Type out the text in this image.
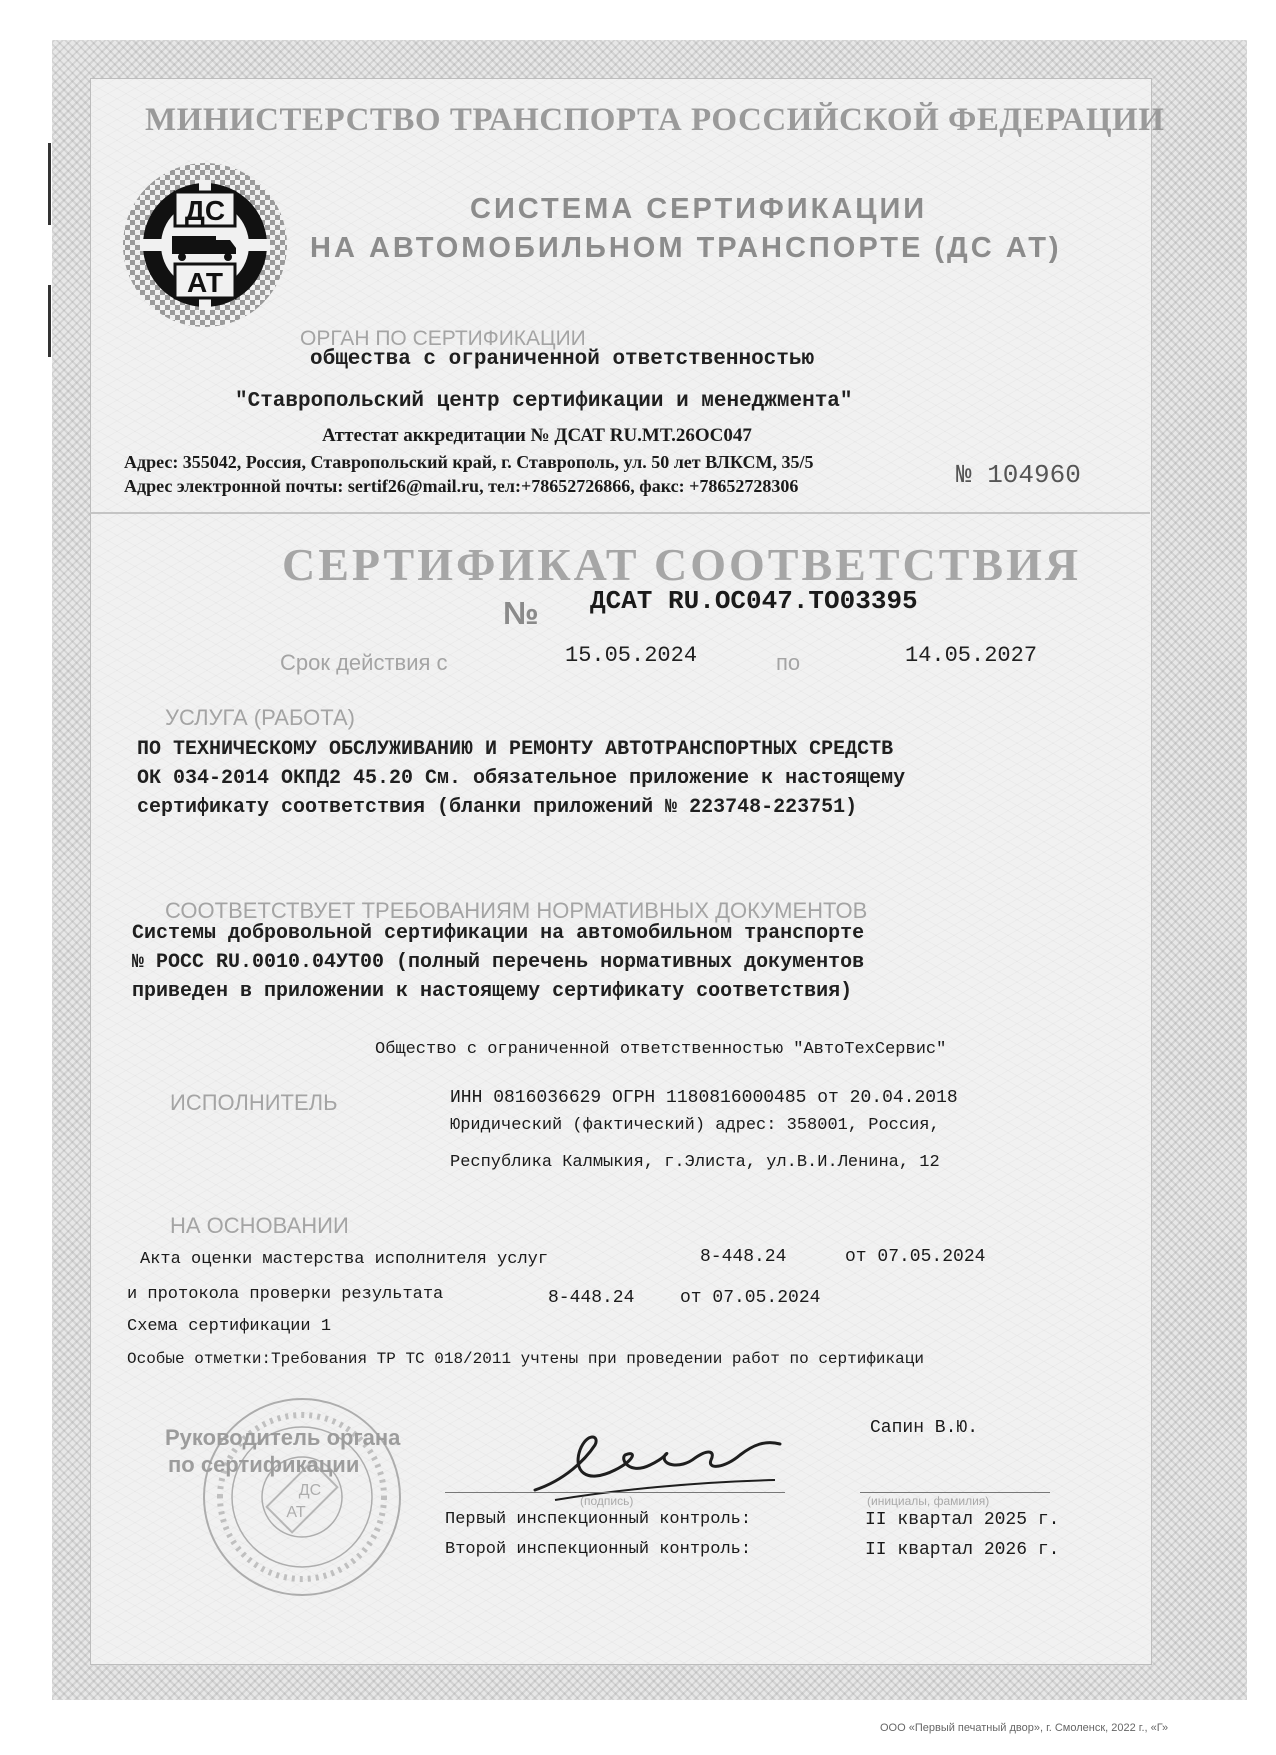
МИНИСТЕРСТВО ТРАНСПОРТА РОССИЙСКОЙ ФЕДЕРАЦИИ
ДС
АТ
СИСТЕМА СЕРТИФИКАЦИИ
НА АВТОМОБИЛЬНОМ ТРАНСПОРТЕ (ДС АТ)
ОРГАН ПО СЕРТИФИКАЦИИ
общества с ограниченной ответственностью
"Ставропольский центр сертификации и менеджмента"
Аттестат аккредитации № ДСАТ RU.MT.26OC047
Адрес: 355042, Россия, Ставропольский край, г. Ставрополь, ул. 50 лет ВЛКСМ, 35/5
Адрес электронной почты: sertif26@mail.ru, тел:+78652726866, факс: +78652728306	№ 104960
СЕРТИФИКАТ СООТВЕТСТВИЯ
№ ДСАТ RU.OC047.TO03395
Срок действия с	15.05.2024	по	14.05.2027
УСЛУГА (РАБОТА)
ПО ТЕХНИЧЕСКОМУ ОБСЛУЖИВАНИЮ И РЕМОНТУ АВТОТРАНСПОРТНЫХ СРЕДСТВ
ОК 034-2014 ОКПД2 45.20 См. обязательное приложение к настоящему
сертификату соответствия (бланки приложений № 223748-223751)
СООТВЕТСТВУЕТ ТРЕБОВАНИЯМ НОРМАТИВНЫХ ДОКУМЕНТОВ
Системы добровольной сертификации на автомобильном транспорте
№ РОСС RU.0010.04УТ00 (полный перечень нормативных документов
приведен в приложении к настоящему сертификату соответствия)
Общество с ограниченной ответственностью "АвтоТехСервис"
ИСПОЛНИТЕЛЬ	ИНН 0816036629 ОГРН 1180816000485 от 20.04.2018
Юридический (фактический) адрес: 358001, Россия,
Республика Калмыкия, г.Элиста, ул.В.И.Ленина, 12
НА ОСНОВАНИИ
Акта оценки мастерства исполнителя услуг	8-448.24	от 07.05.2024
и протокола проверки результата	8-448.24	от 07.05.2024
Схема сертификации 1
Особые отметки:Требования ТР ТС 018/2011 учтены при проведении работ по сертификаци
ДС
АТ
Руководитель органа
по сертификации
(подпись)
Сапин В.Ю.
(инициалы, фамилия)
Первый инспекционный контроль:	II квартал 2025 г.
Второй инспекционный контроль:	II квартал 2026 г.
ООО «Первый печатный двор», г. Смоленск, 2022 г., «Г»
